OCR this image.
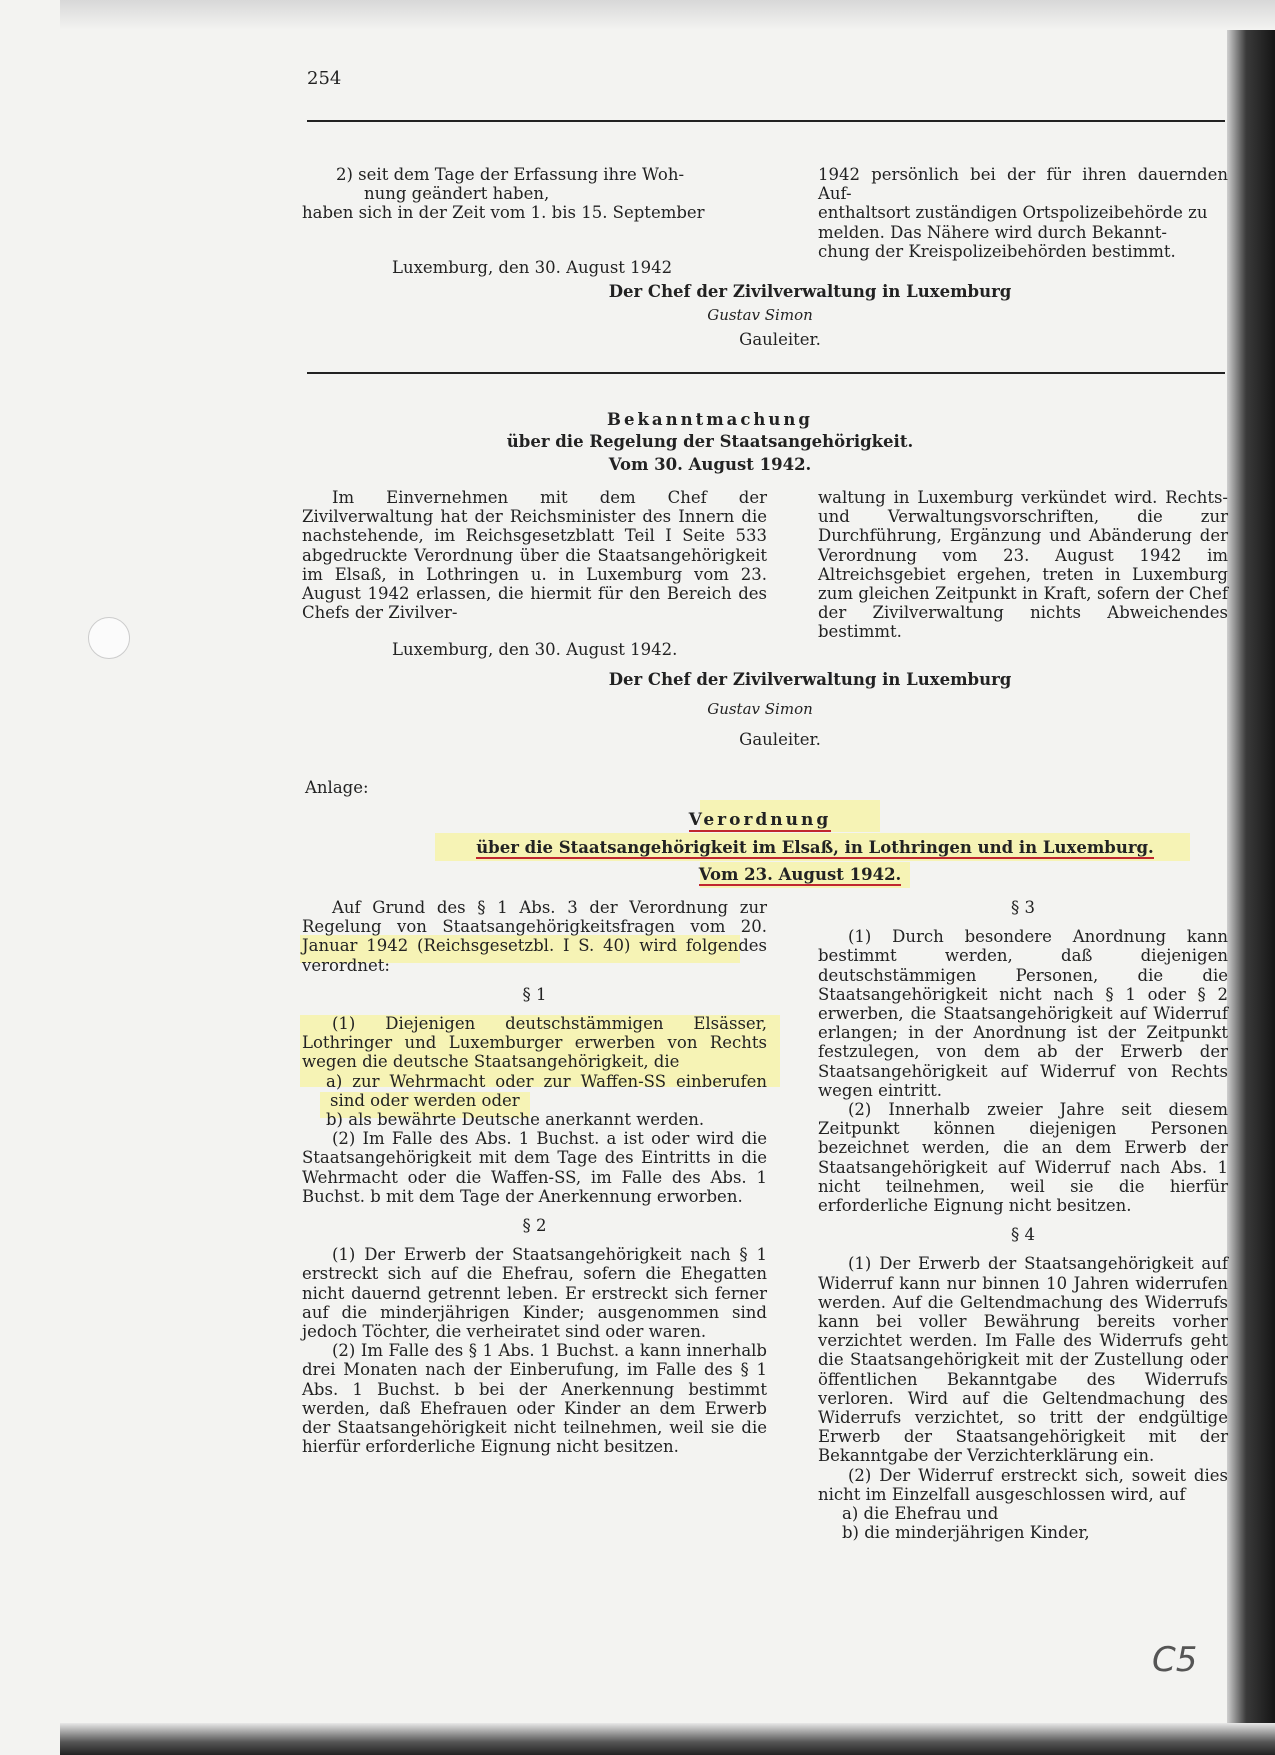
254

2) seit dem Tage der Erfassung ihre Woh-

nung geändert haben,

haben sich in der Zeit vom 1. bis 15. September

1942 persönlich bei der für ihren dauernden Auf-

enthaltsort zuständigen Ortspolizeibehörde zu

melden. Das Nähere wird durch Bekannt-

chung der Kreispolizeibehörden bestimmt.

Luxemburg, den 30. August 1942
Der Chef der Zivilverwaltung in Luxemburg
Gustav Simon
Gauleiter.
Bekanntmachung
über die Regelung der Staatsangehörigkeit.
Vom 30. August 1942.
Im Einvernehmen mit dem Chef der Zivilverwaltung hat der Reichsminister des Innern die nachstehende, im Reichsgesetzblatt Teil I Seite 533 abgedruckte Verordnung über die Staatsangehörigkeit im Elsaß, in Lothringen u. in Luxemburg vom 23. August 1942 erlassen, die hiermit für den Bereich des Chefs der Zivilver-
waltung in Luxemburg verkündet wird. Rechts- und Verwaltungsvorschriften, die zur Durchführung, Ergänzung und Abänderung der Verordnung vom 23. August 1942 im Altreichsgebiet ergehen, treten in Luxemburg zum gleichen Zeitpunkt in Kraft, sofern der Chef der Zivilverwaltung nichts Abweichendes bestimmt.
Luxemburg, den 30. August 1942.
Der Chef der Zivilverwaltung in Luxemburg
Gustav Simon
Gauleiter.
Anlage:
Verordnung
über die Staatsangehörigkeit im Elsaß, in Lothringen und in Luxemburg.
Vom 23. August 1942.

Auf Grund des § 1 Abs. 3 der Verordnung zur Regelung von Staatsangehörigkeitsfragen vom 20. Januar 1942 (Reichsgesetzbl. I S. 40) wird folgendes verordnet:

§ 1

(1) Diejenigen deutschstämmigen Elsässer, Lothringer und Luxemburger erwerben von Rechts wegen die deutsche Staatsangehörigkeit, die

a) zur Wehrmacht oder zur Waffen-SS einberufen sind oder werden oder

b) als bewährte Deutsche anerkannt werden.

(2) Im Falle des Abs. 1 Buchst. a ist oder wird die Staatsangehörigkeit mit dem Tage des Eintritts in die Wehrmacht oder die Waffen-SS, im Falle des Abs. 1 Buchst. b mit dem Tage der Anerkennung erworben.

§ 2

(1) Der Erwerb der Staatsangehörigkeit nach § 1 erstreckt sich auf die Ehefrau, sofern die Ehegatten nicht dauernd getrennt leben. Er erstreckt sich ferner auf die minderjährigen Kinder; ausgenommen sind jedoch Töchter, die verheiratet sind oder waren.

(2) Im Falle des § 1 Abs. 1 Buchst. a kann innerhalb drei Monaten nach der Einberufung, im Falle des § 1 Abs. 1 Buchst. b bei der Anerkennung bestimmt werden, daß Ehefrauen oder Kinder an dem Erwerb der Staatsangehörigkeit nicht teilnehmen, weil sie die hierfür erforderliche Eignung nicht besitzen.

§ 3

(1) Durch besondere Anordnung kann bestimmt werden, daß diejenigen deutschstämmigen Personen, die die Staatsangehörigkeit nicht nach § 1 oder § 2 erwerben, die Staatsangehörigkeit auf Widerruf erlangen; in der Anordnung ist der Zeitpunkt festzulegen, von dem ab der Erwerb der Staatsangehörigkeit auf Widerruf von Rechts wegen eintritt.

(2) Innerhalb zweier Jahre seit diesem Zeitpunkt können diejenigen Personen bezeichnet werden, die an dem Erwerb der Staatsangehörigkeit auf Widerruf nach Abs. 1 nicht teilnehmen, weil sie die hierfür erforderliche Eignung nicht besitzen.

§ 4

(1) Der Erwerb der Staatsangehörigkeit auf Widerruf kann nur binnen 10 Jahren widerrufen werden. Auf die Geltendmachung des Widerrufs kann bei voller Bewährung bereits vorher verzichtet werden. Im Falle des Widerrufs geht die Staatsangehörigkeit mit der Zustellung oder öffentlichen Bekanntgabe des Widerrufs verloren. Wird auf die Geltendmachung des Widerrufs verzichtet, so tritt der endgültige Erwerb der Staatsangehörigkeit mit der Bekanntgabe der Verzichterklärung ein.

(2) Der Widerruf erstreckt sich, soweit dies nicht im Einzelfall ausgeschlossen wird, auf

a) die Ehefrau und

b) die minderjährigen Kinder,

C5
